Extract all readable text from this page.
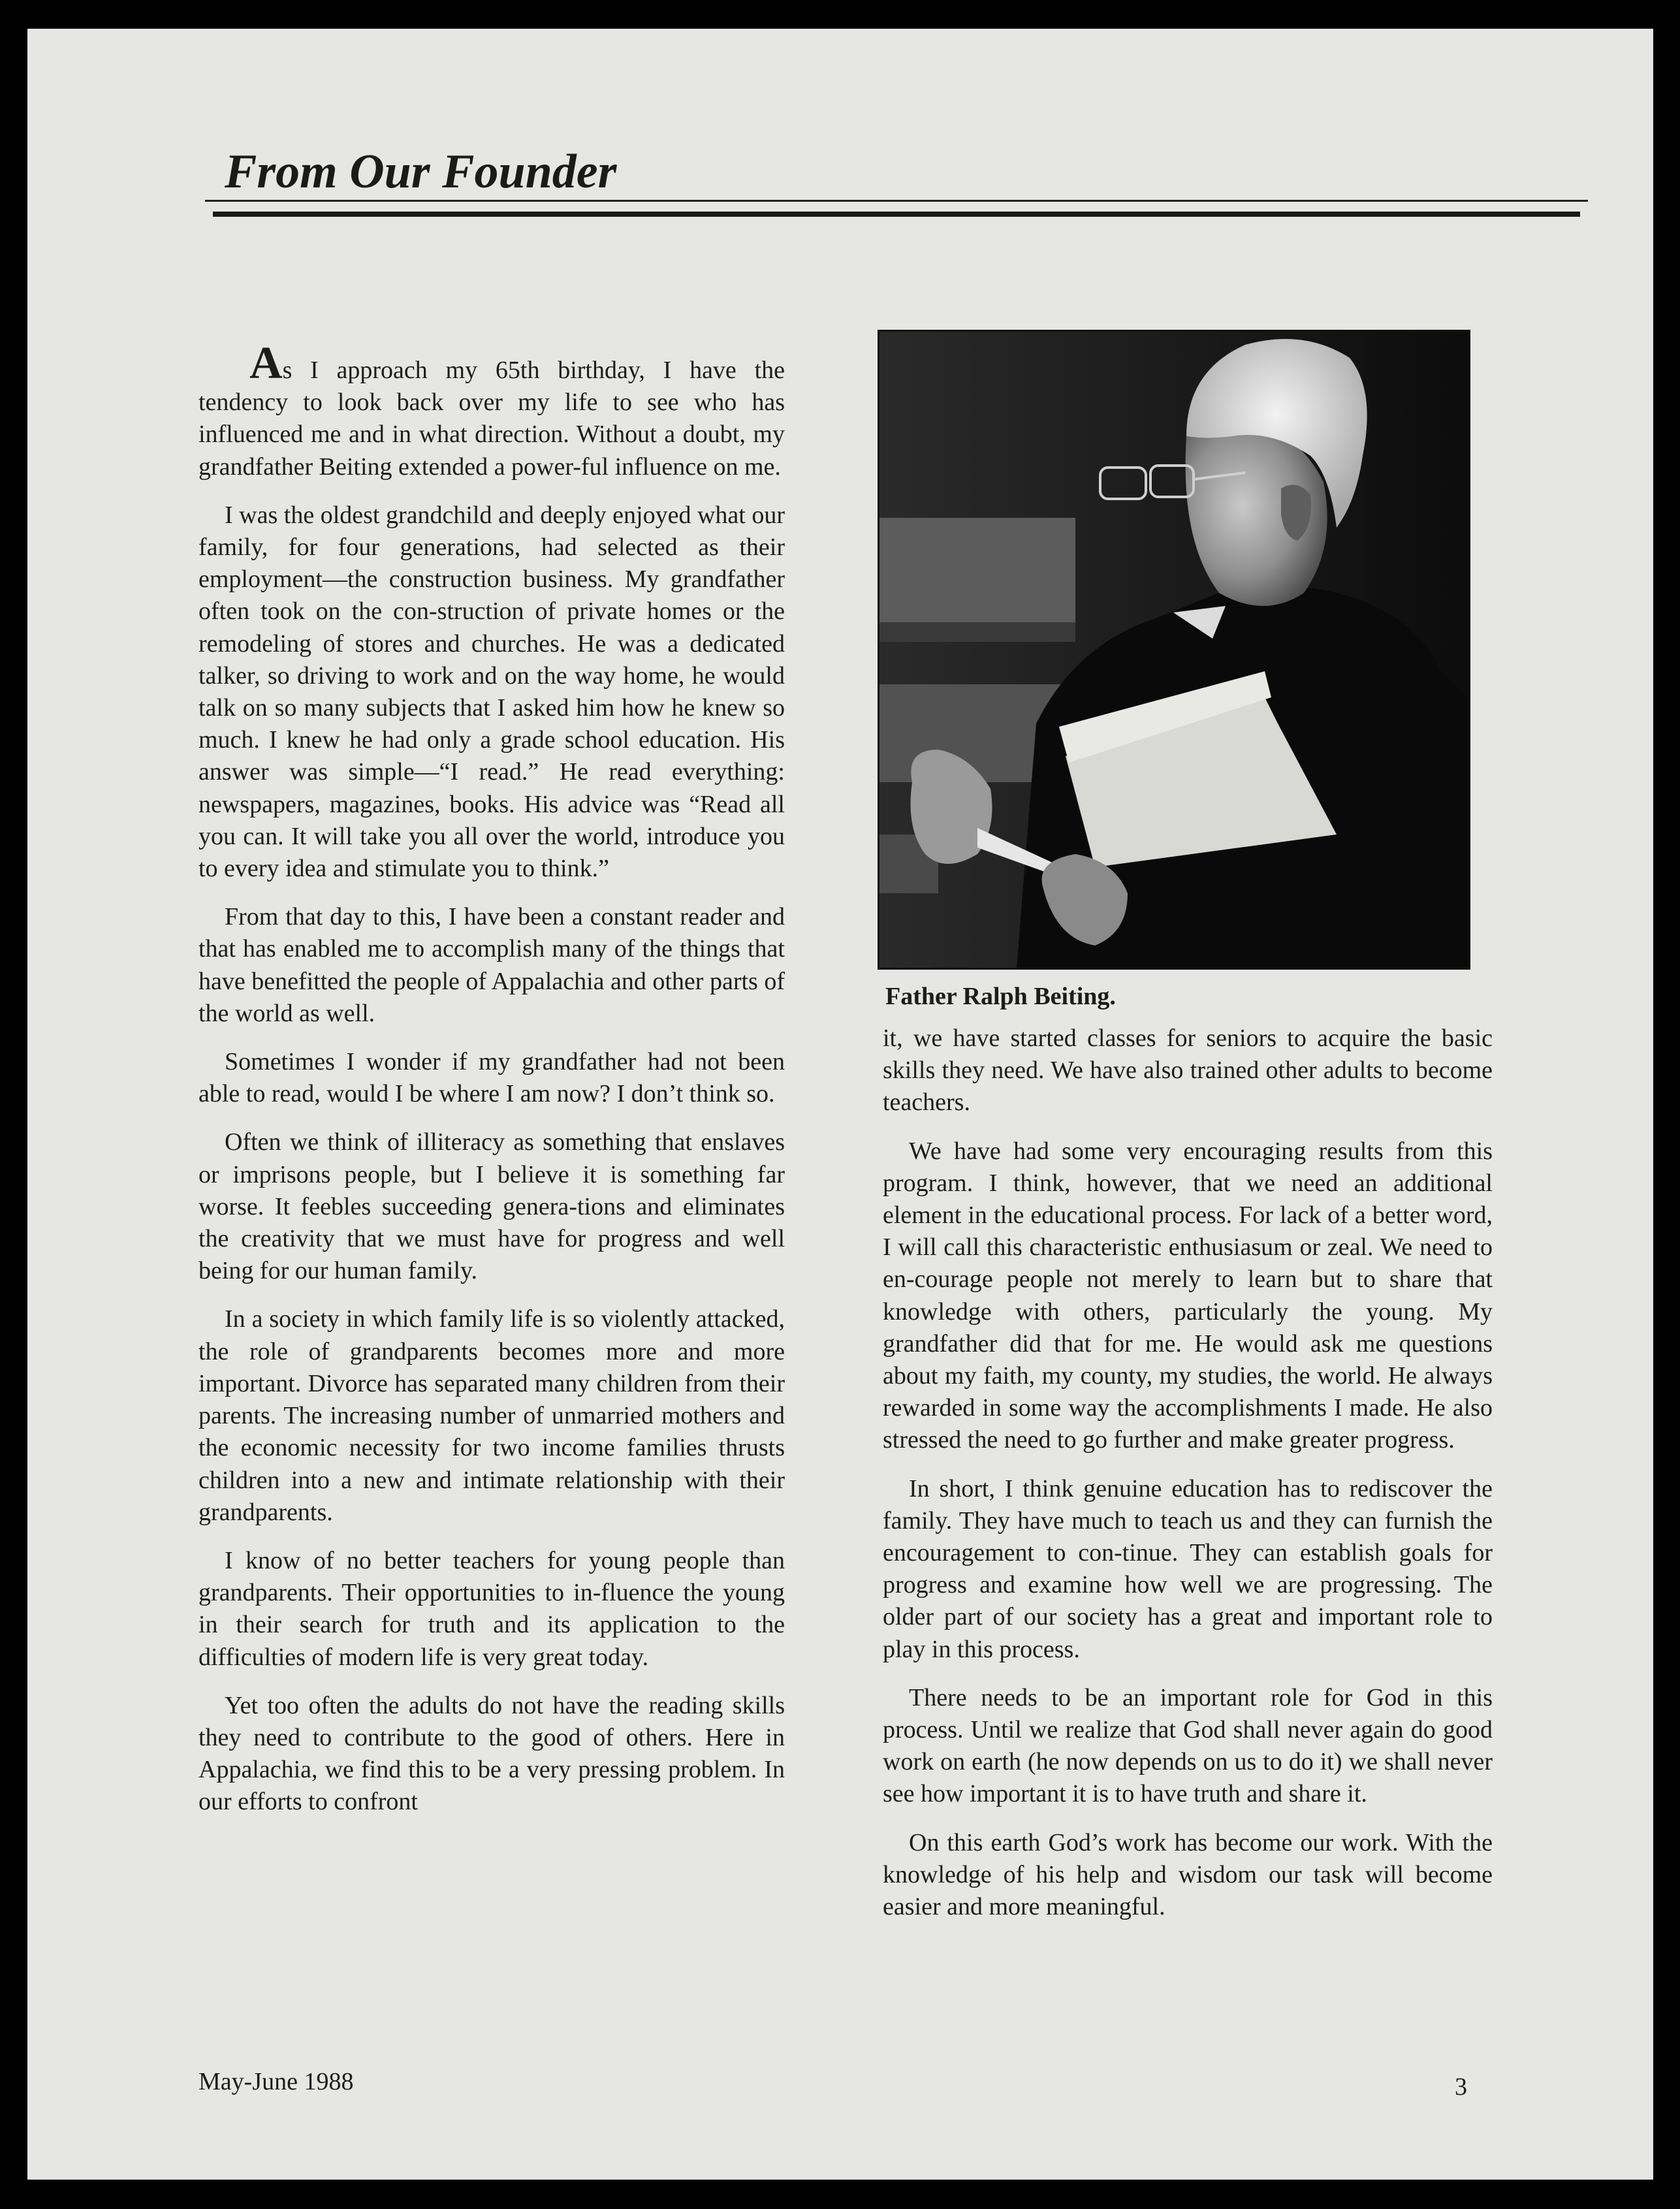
From Our Founder

As I approach my 65th birthday, I have the tendency to look back over my life to see who has influenced me and in what direction. Without a doubt, my grandfather Beiting extended a power-ful influence on me.

I was the oldest grandchild and deeply enjoyed what our family, for four generations, had selected as their employment—the construction business. My grandfather often took on the con-struction of private homes or the remodeling of stores and churches. He was a dedicated talker, so driving to work and on the way home, he would talk on so many subjects that I asked him how he knew so much. I knew he had only a grade school education. His answer was simple—“I read.” He read everything: newspapers, magazines, books. His advice was “Read all you can. It will take you all over the world, introduce you to every idea and stimulate you to think.”

From that day to this, I have been a constant reader and that has enabled me to accomplish many of the things that have benefitted the people of Appalachia and other parts of the world as well.

Sometimes I wonder if my grandfather had not been able to read, would I be where I am now? I don’t think so.

Often we think of illiteracy as something that enslaves or imprisons people, but I believe it is something far worse. It feebles succeeding genera-tions and eliminates the creativity that we must have for progress and well being for our human family.

In a society in which family life is so violently attacked, the role of grandparents becomes more and more important. Divorce has separated many children from their parents. The increasing number of unmarried mothers and the economic necessity for two income families thrusts children into a new and intimate relationship with their grandparents.

I know of no better teachers for young people than grandparents. Their opportunities to in-fluence the young in their search for truth and its application to the difficulties of modern life is very great today.

Yet too often the adults do not have the reading skills they need to contribute to the good of others. Here in Appalachia, we find this to be a very pressing problem. In our efforts to confront

Father Ralph Beiting.

it, we have started classes for seniors to acquire the basic skills they need. We have also trained other adults to become teachers.

We have had some very encouraging results from this program. I think, however, that we need an additional element in the educational process. For lack of a better word, I will call this characteristic enthusiasum or zeal. We need to en-courage people not merely to learn but to share that knowledge with others, particularly the young. My grandfather did that for me. He would ask me questions about my faith, my county, my studies, the world. He always rewarded in some way the accomplishments I made. He also stressed the need to go further and make greater progress.

In short, I think genuine education has to rediscover the family. They have much to teach us and they can furnish the encouragement to con-tinue. They can establish goals for progress and examine how well we are progressing. The older part of our society has a great and important role to play in this process.

There needs to be an important role for God in this process. Until we realize that God shall never again do good work on earth (he now depends on us to do it) we shall never see how important it is to have truth and share it.

On this earth God’s work has become our work. With the knowledge of his help and wisdom our task will become easier and more meaningful.

May-June 1988	3
